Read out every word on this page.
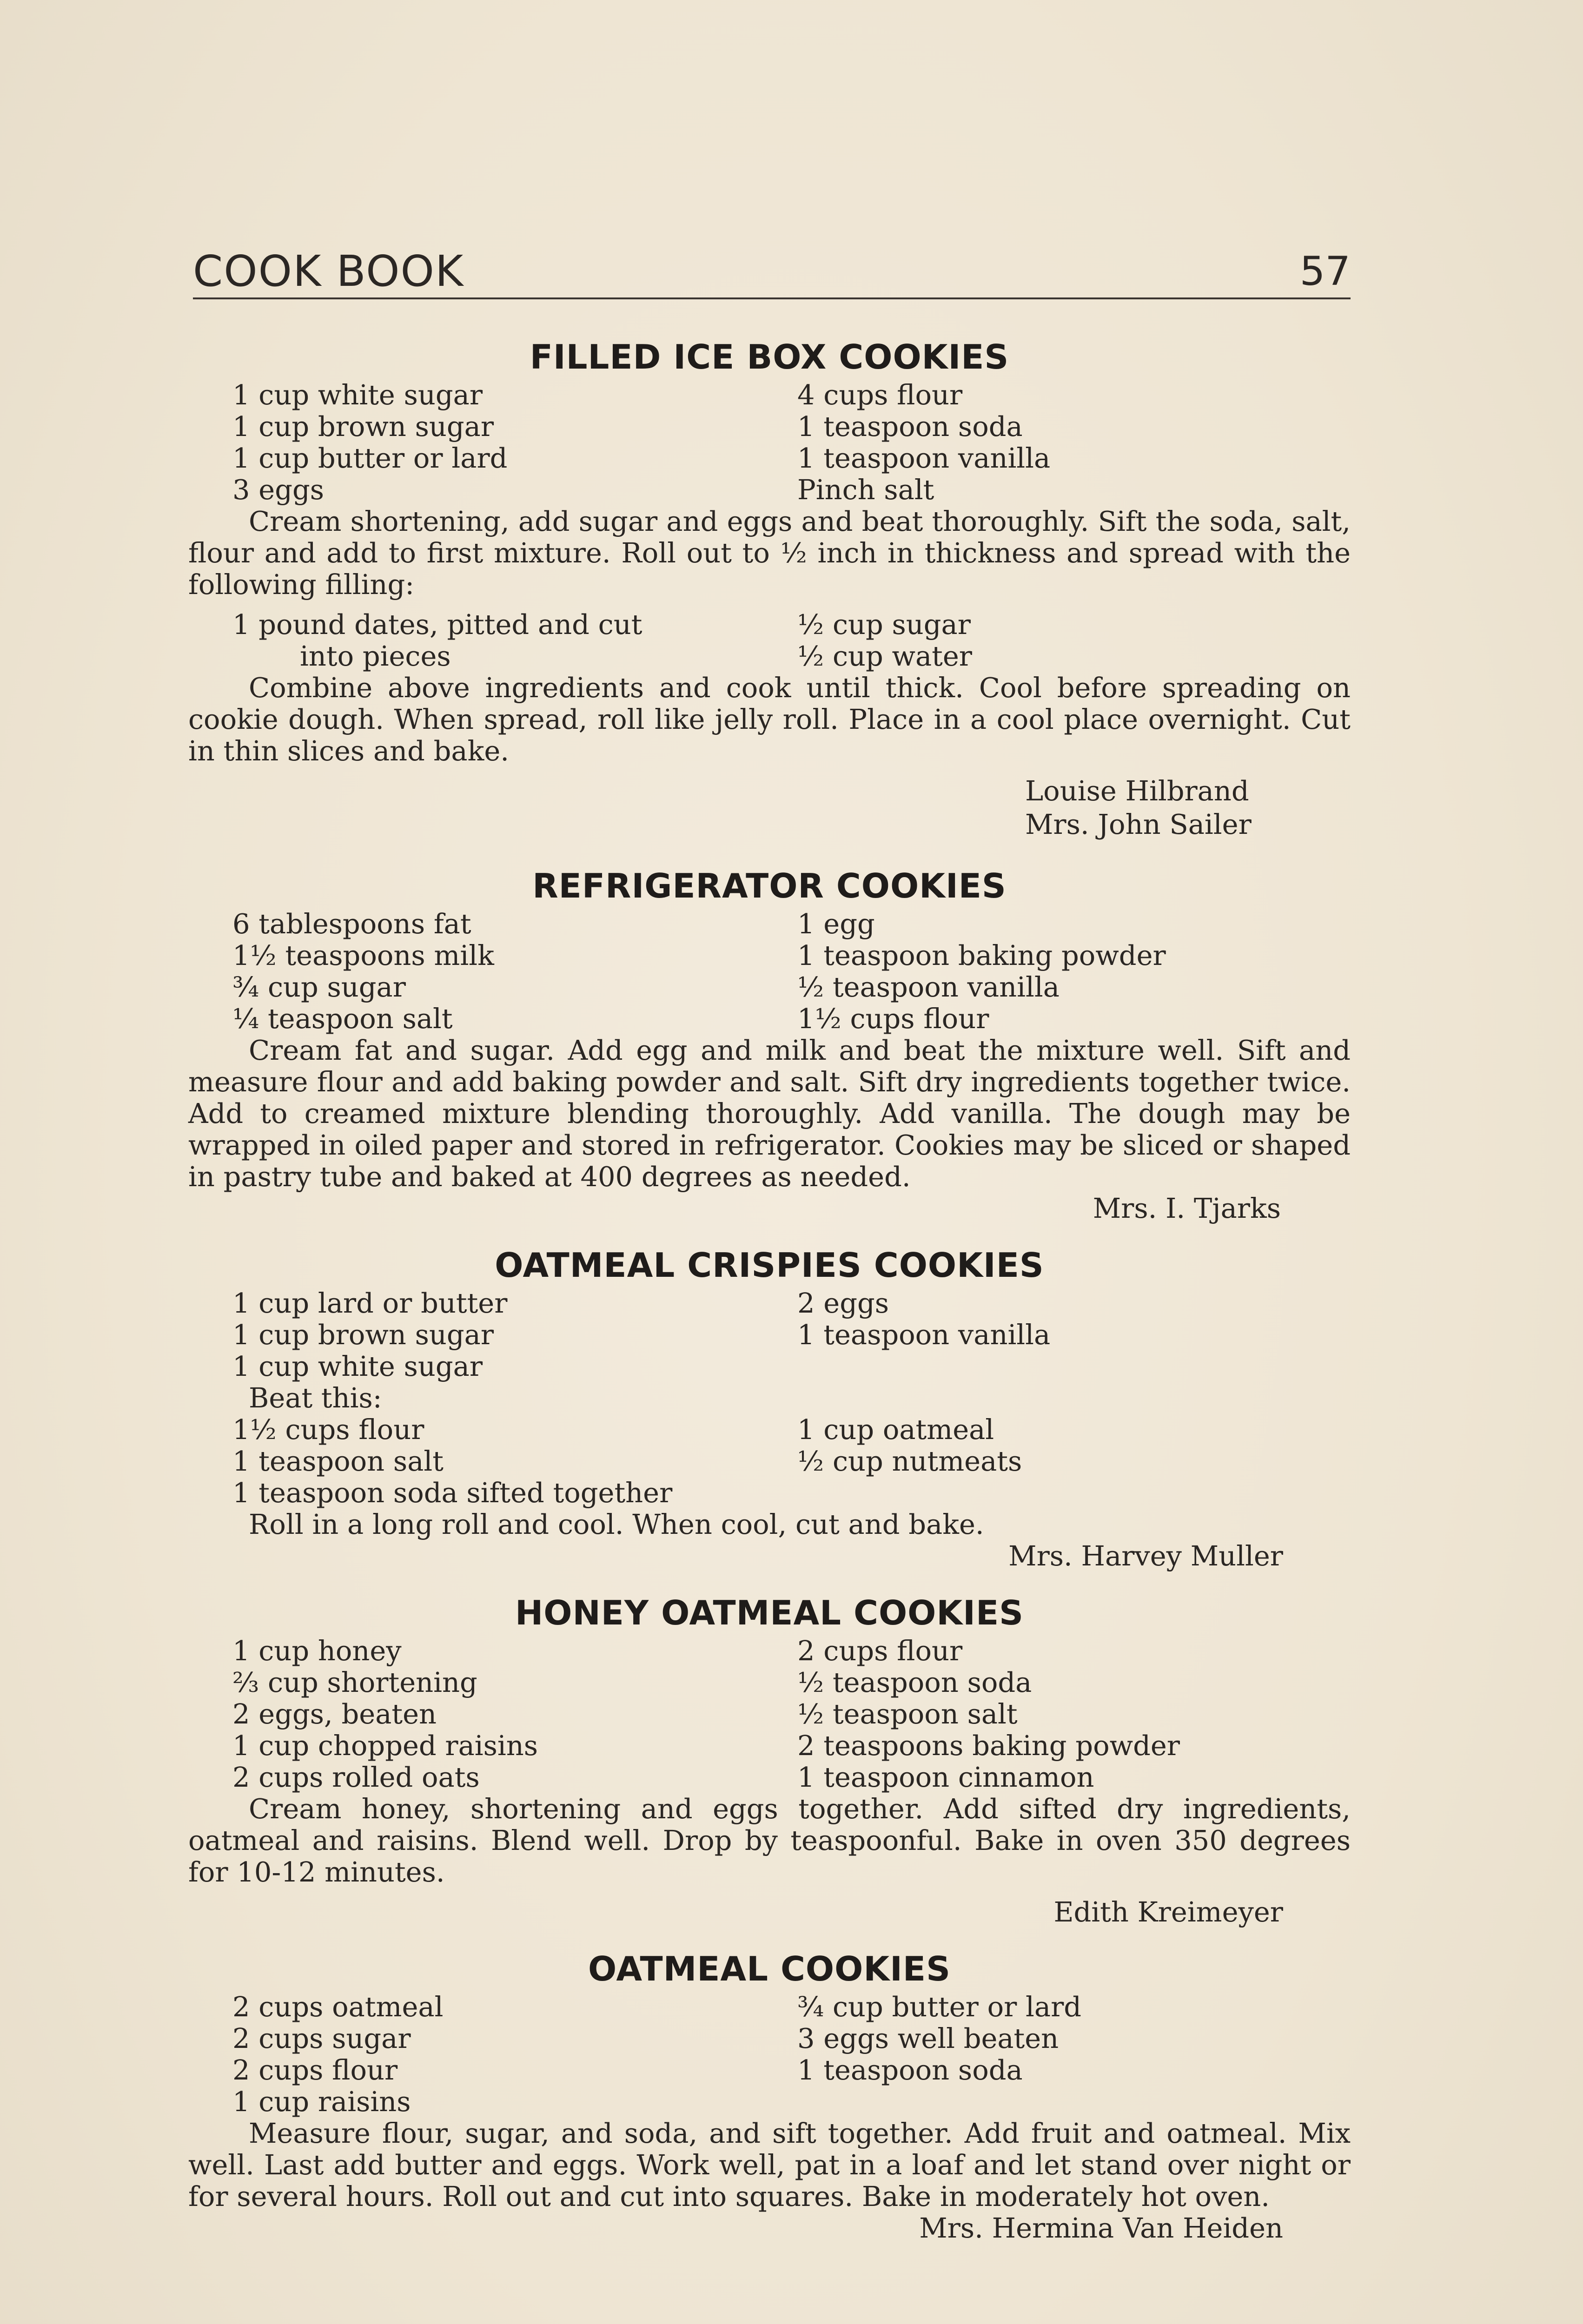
COOK BOOK	57
FILLED ICE BOX COOKIES
1 cup white sugar	4 cups flour
1 cup brown sugar	1 teaspoon soda
1 cup butter or lard	1 teaspoon vanilla
3 eggs	Pinch salt

Cream shortening, add sugar and eggs and beat thoroughly. Sift the soda, salt, flour and add to first mixture. Roll out to ½ inch in thickness and spread with the following filling:

1 pound dates, pitted and cut	½ cup sugar
into pieces	½ cup water

Combine above ingredients and cook until thick. Cool before spreading on cookie dough. When spread, roll like jelly roll. Place in a cool place overnight. Cut in thin slices and bake.

Louise Hilbrand
Mrs. John Sailer
REFRIGERATOR COOKIES
6 tablespoons fat	1 egg
1½ teaspoons milk	1 teaspoon baking powder
¾ cup sugar	½ teaspoon vanilla
¼ teaspoon salt	1½ cups flour

Cream fat and sugar. Add egg and milk and beat the mixture well. Sift and measure flour and add baking powder and salt. Sift dry ingredients together twice. Add to creamed mixture blending thoroughly. Add vanilla. The dough may be wrapped in oiled paper and stored in refrigerator. Cookies may be sliced or shaped in pastry tube and baked at 400 degrees as needed.

Mrs. I. Tjarks
OATMEAL CRISPIES COOKIES
1 cup lard or butter	2 eggs
1 cup brown sugar	1 teaspoon vanilla
1 cup white sugar
Beat this:
1½ cups flour	1 cup oatmeal
1 teaspoon salt	½ cup nutmeats
1 teaspoon soda sifted together
Roll in a long roll and cool. When cool, cut and bake.
Mrs. Harvey Muller
HONEY OATMEAL COOKIES
1 cup honey	2 cups flour
⅔ cup shortening	½ teaspoon soda
2 eggs, beaten	½ teaspoon salt
1 cup chopped raisins	2 teaspoons baking powder
2 cups rolled oats	1 teaspoon cinnamon

Cream honey, shortening and eggs together. Add sifted dry ingredients, oatmeal and raisins. Blend well. Drop by teaspoonful. Bake in oven 350 degrees for 10-12 minutes.

Edith Kreimeyer
OATMEAL COOKIES
2 cups oatmeal	¾ cup butter or lard
2 cups sugar	3 eggs well beaten
2 cups flour	1 teaspoon soda
1 cup raisins

Measure flour, sugar, and soda, and sift together. Add fruit and oatmeal. Mix well. Last add butter and eggs. Work well, pat in a loaf and let stand over night or for several hours. Roll out and cut into squares. Bake in moderately hot oven.

Mrs. Hermina Van Heiden
